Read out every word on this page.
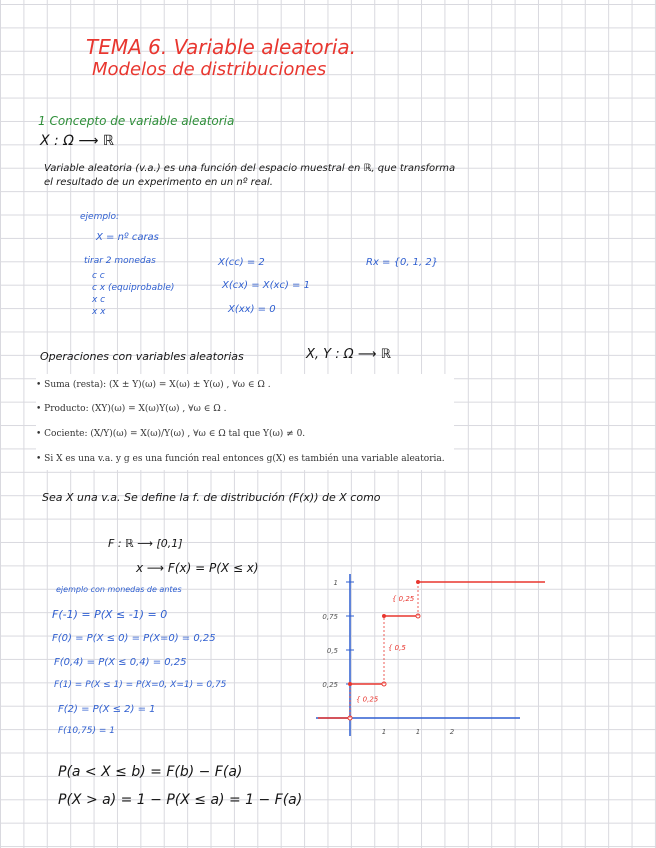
TEMA 6. Variable aleatoria.
Modelos de distribuciones
1 Concepto de variable aleatoria
X : Ω ⟶ ℝ
Variable aleatoria (v.a.) es una función del espacio muestral en ℝ, que transforma
el resultado de un experimento en un nº real.
ejemplo:
X = nº caras
tirar 2 monedas
c c
c x (equiprobable)
x c
x x
X(cc) = 2
X(cx) = X(xc) = 1
X(xx) = 0
Rx = {0, 1, 2}
Operaciones con variables aleatorias	X, Y : Ω ⟶ ℝ
• Suma (resta): (X ± Y)(ω) = X(ω) ± Y(ω) , ∀ω ∈ Ω .
• Producto: (XY)(ω) = X(ω)Y(ω) , ∀ω ∈ Ω .
• Cociente: (X/Y)(ω) = X(ω)/Y(ω) , ∀ω ∈ Ω tal que Y(ω) ≠ 0.
• Si X es una v.a. y g es una función real entonces g(X) es también una variable aleatoria.
Sea X una v.a. Se define la f. de distribución (F(x)) de X como
F : ℝ ⟶ [0,1]
x ⟶ F(x) = P(X ≤ x)
ejemplo con monedas de antes
F(-1) = P(X ≤ -1) = 0
F(0) = P(X ≤ 0) = P(X=0) = 0,25
F(0,4) = P(X ≤ 0,4) = 0,25
F(1) = P(X ≤ 1) = P(X=0, X=1) = 0,75
F(2) = P(X ≤ 2) = 1
F(10,75) = 1
0,25
0,5
0,75
1
1	1	2
{ 0,25
{ 0,5
{ 0,25
P(a < X ≤ b) = F(b) − F(a)
P(X > a) = 1 − P(X ≤ a) = 1 − F(a)
